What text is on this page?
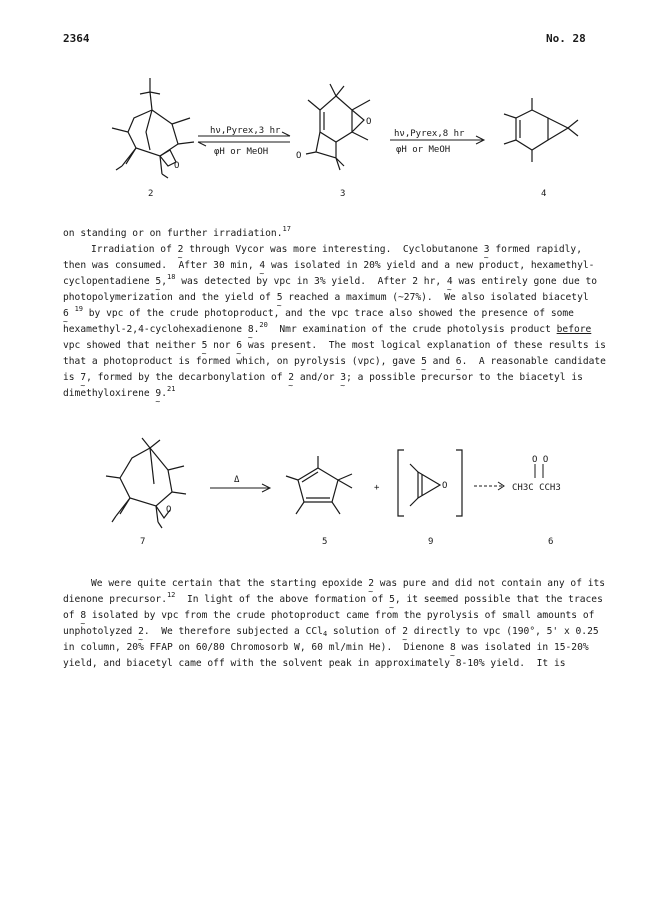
2364	No. 28
O
hν,Pyrex,3 hr
φH or MeOH
O
O
hν,Pyrex,8 hr
φH or MeOH
2	3	4
on standing or on further irradiation.$^{17}$
Irradiation of 2 ~ through Vycor was more interesting.  Cyclobutanone 3 ~ formed rapidly,
then was consumed.  After 30 min, 4 ~ was isolated in 20% yield and a new product, hexamethyl-
cyclopentadiene 5 ~,$^{18}$ was detected by vpc in 3% yield.  After 2 hr, 4 ~ was entirely gone due to
photopolymerization and the yield of 5 ~ reached a maximum (~27%).  We also isolated biacetyl
6 ~ $^{19}$ by vpc of the crude photoproduct, and the vpc trace also showed the presence of some
hexamethyl-2,4-cyclohexadienone 8 ~.$^{20}$  Nmr examination of the crude photolysis product before
vpc showed that neither 5 ~ nor 6 ~ was present.  The most logical explanation of these results is
that a photoproduct is formed which, on pyrolysis (vpc), gave 5 ~ and 6 ~.  A reasonable candidate
is 7 ~, formed by the decarbonylation of 2 ~ and/or 3 ~; a possible precursor to the biacetyl is
dimethyloxirene 9 ~.$^{21}$
O
Δ
+	O
O O
CH3C CCH3
7	5	9	6
We were quite certain that the starting epoxide 2 ~ was pure and did not contain any of its
dienone precursor.$^{12}$  In light of the above formation of 5 ~, it seemed possible that the traces
of 8 ~ isolated by vpc from the crude photoproduct came from the pyrolysis of small amounts of
unphotolyzed 2 ~.  We therefore subjected a CCl$_4$ solution of 2 ~ directly to vpc (190°, 5' x 0.25
in column, 20% FFAP on 60/80 Chromosorb W, 60 ml/min He).  Dienone 8 ~ was isolated in 15-20%
yield, and biacetyl came off with the solvent peak in approximately 8-10% yield.  It is
